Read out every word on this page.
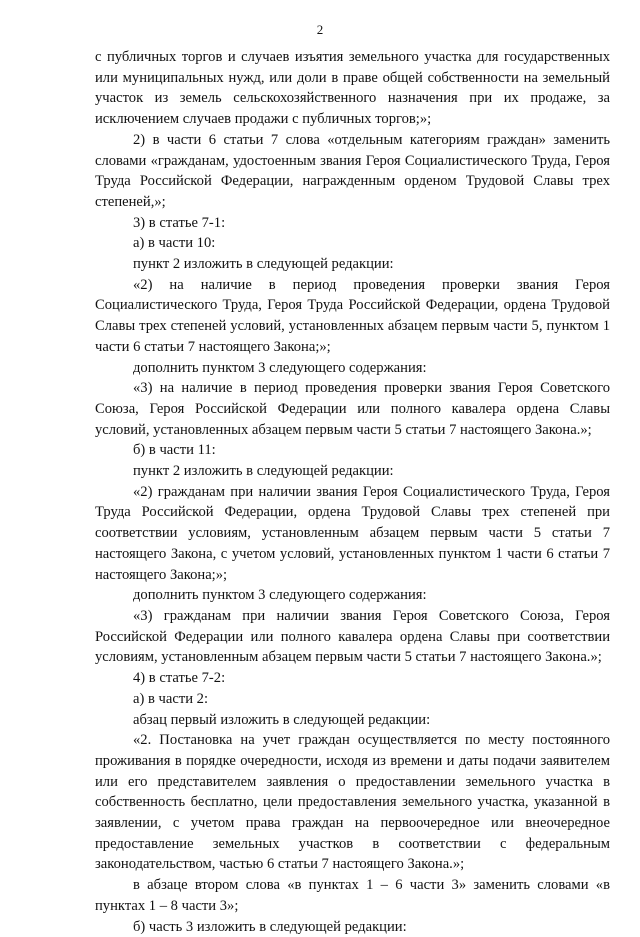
2

с публичных торгов и случаев изъятия земельного участка для государственных или муниципальных нужд, или доли в праве общей собственности на земельный участок из земель сельскохозяйственного назначения при их продаже, за исключением случаев продажи с публичных торгов;»;

2) в части 6 статьи 7 слова «отдельным категориям граждан» заменить словами «гражданам, удостоенным звания Героя Социалистического Труда, Героя Труда Российской Федерации, награжденным орденом Трудовой Славы трех степеней,»;

3) в статье 7-1:

а) в части 10:

пункт 2 изложить в следующей редакции:

«2) на наличие в период проведения проверки звания Героя Социалистического Труда, Героя Труда Российской Федерации, ордена Трудовой Славы трех степеней условий, установленных абзацем первым части 5, пунктом 1 части 6 статьи 7 настоящего Закона;»;

дополнить пунктом 3 следующего содержания:

«3) на наличие в период проведения проверки звания Героя Советского Союза, Героя Российской Федерации или полного кавалера ордена Славы условий, установленных абзацем первым части 5 статьи 7 настоящего Закона.»;

б) в части 11:

пункт 2 изложить в следующей редакции:

«2) гражданам при наличии звания Героя Социалистического Труда, Героя Труда Российской Федерации, ордена Трудовой Славы трех степеней при соответствии условиям, установленным абзацем первым части 5 статьи 7 настоящего Закона, с учетом условий, установленных пунктом 1 части 6 статьи 7 настоящего Закона;»;

дополнить пунктом 3 следующего содержания:

«3) гражданам при наличии звания Героя Советского Союза, Героя Российской Федерации или полного кавалера ордена Славы при соответствии условиям, установленным абзацем первым части 5 статьи 7 настоящего Закона.»;

4) в статье 7-2:

а) в части 2:

абзац первый изложить в следующей редакции:

«2. Постановка на учет граждан осуществляется по месту постоянного проживания в порядке очередности, исходя из времени и даты подачи заявителем или его представителем заявления о предоставлении земельного участка в собственность бесплатно, цели предоставления земельного участка, указанной в заявлении, с учетом права граждан на первоочередное или внеочередное предоставление земельных участков в соответствии с федеральным законодательством, частью 6 статьи 7 настоящего Закона.»;

в абзаце втором слова «в пунктах 1 – 6 части 3» заменить словами «в пунктах 1 – 8 части 3»;

б) часть 3 изложить в следующей редакции:
